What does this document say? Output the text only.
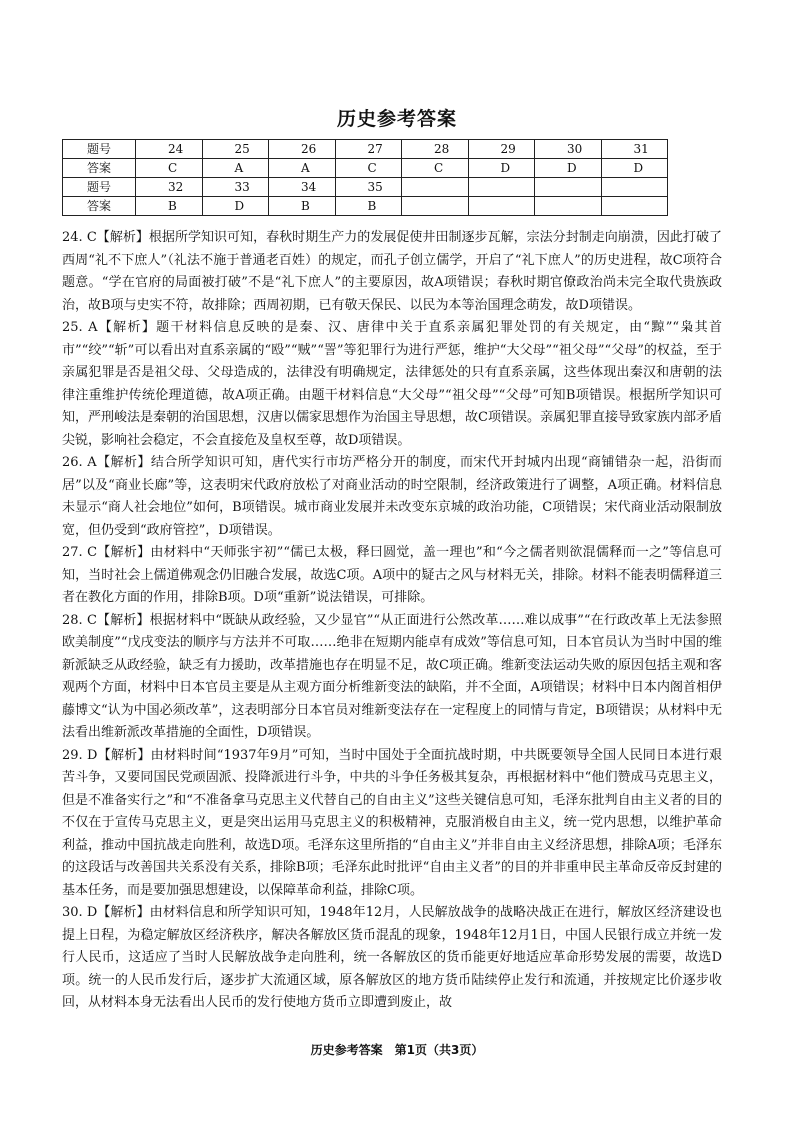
历史参考答案
题号	24	25	26	27	28	29	30	31
答案	C	A	A	C	C	D	D	D
题号	32	33	34	35				
答案	B	D	B	B				

24. C【解析】根据所学知识可知，春秋时期生产力的发展促使井田制逐步瓦解，宗法分封制走向崩溃，因此打破了西周“礼不下庶人”（礼法不施于普通老百姓）的规定，而孔子创立儒学，开启了“礼下庶人”的历史进程，故C项符合题意。“学在官府的局面被打破”不是“礼下庶人”的主要原因，故A项错误；春秋时期官僚政治尚未完全取代贵族政治，故B项与史实不符，故排除；西周初期，已有敬天保民、以民为本等治国理念萌发，故D项错误。

25. A【解析】题干材料信息反映的是秦、汉、唐律中关于直系亲属犯罪处罚的有关规定，由“黥”“枭其首市”“绞”“斩”可以看出对直系亲属的“殴”“贼”“詈”等犯罪行为进行严惩，维护“大父母”“祖父母”“父母”的权益，至于亲属犯罪是否是祖父母、父母造成的，法律没有明确规定，法律惩处的只有直系亲属，这些体现出秦汉和唐朝的法律注重维护传统伦理道德，故A项正确。由题干材料信息“大父母”“祖父母”“父母”可知B项错误。根据所学知识可知，严刑峻法是秦朝的治国思想，汉唐以儒家思想作为治国主导思想，故C项错误。亲属犯罪直接导致家族内部矛盾尖锐，影响社会稳定，不会直接危及皇权至尊，故D项错误。

26. A【解析】结合所学知识可知，唐代实行市坊严格分开的制度，而宋代开封城内出现“商铺错杂一起，沿街而居”以及“商业长廊”等，这表明宋代政府放松了对商业活动的时空限制，经济政策进行了调整，A项正确。材料信息未显示“商人社会地位”如何，B项错误。城市商业发展并未改变东京城的政治功能，C项错误；宋代商业活动限制放宽，但仍受到“政府管控”，D项错误。

27. C【解析】由材料中“天师张宇初”“儒已太极，释曰圆觉，盖一理也”和“今之儒者则欲混儒释而一之”等信息可知，当时社会上儒道佛观念仍旧融合发展，故选C项。A项中的疑古之风与材料无关，排除。材料不能表明儒释道三者在教化方面的作用，排除B项。D项“重新”说法错误，可排除。

28. C【解析】根据材料中“既缺从政经验，又少显官”“从正面进行公然改革……难以成事”“在行政改革上无法参照欧美制度”“戊戌变法的顺序与方法并不可取……绝非在短期内能卓有成效”等信息可知，日本官员认为当时中国的维新派缺乏从政经验，缺乏有力援助，改革措施也存在明显不足，故C项正确。维新变法运动失败的原因包括主观和客观两个方面，材料中日本官员主要是从主观方面分析维新变法的缺陷，并不全面，A项错误；材料中日本内阁首相伊藤博文“认为中国必须改革”，这表明部分日本官员对维新变法存在一定程度上的同情与肯定，B项错误；从材料中无法看出维新派改革措施的全面性，D项错误。

29. D【解析】由材料时间“1937年9月”可知，当时中国处于全面抗战时期，中共既要领导全国人民同日本进行艰苦斗争，又要同国民党顽固派、投降派进行斗争，中共的斗争任务极其复杂，再根据材料中“他们赞成马克思主义，但是不准备实行之”和“不准备拿马克思主义代替自己的自由主义”这些关键信息可知，毛泽东批判自由主义者的目的不仅在于宣传马克思主义，更是突出运用马克思主义的积极精神，克服消极自由主义，统一党内思想，以维护革命利益，推动中国抗战走向胜利，故选D项。毛泽东这里所指的“自由主义”并非自由主义经济思想，排除A项；毛泽东的这段话与改善国共关系没有关系，排除B项；毛泽东此时批评“自由主义者”的目的并非重申民主革命反帝反封建的基本任务，而是要加强思想建设，以保障革命利益，排除C项。

30. D【解析】由材料信息和所学知识可知，1948年12月，人民解放战争的战略决战正在进行，解放区经济建设也提上日程，为稳定解放区经济秩序，解决各解放区货币混乱的现象，1948年12月1日，中国人民银行成立并统一发行人民币，这适应了当时人民解放战争走向胜利，统一各解放区的货币能更好地适应革命形势发展的需要，故选D项。统一的人民币发行后，逐步扩大流通区域，原各解放区的地方货币陆续停止发行和流通，并按规定比价逐步收回，从材料本身无法看出人民币的发行使地方货币立即遭到废止，故

历史参考答案　第1页（共3页）
